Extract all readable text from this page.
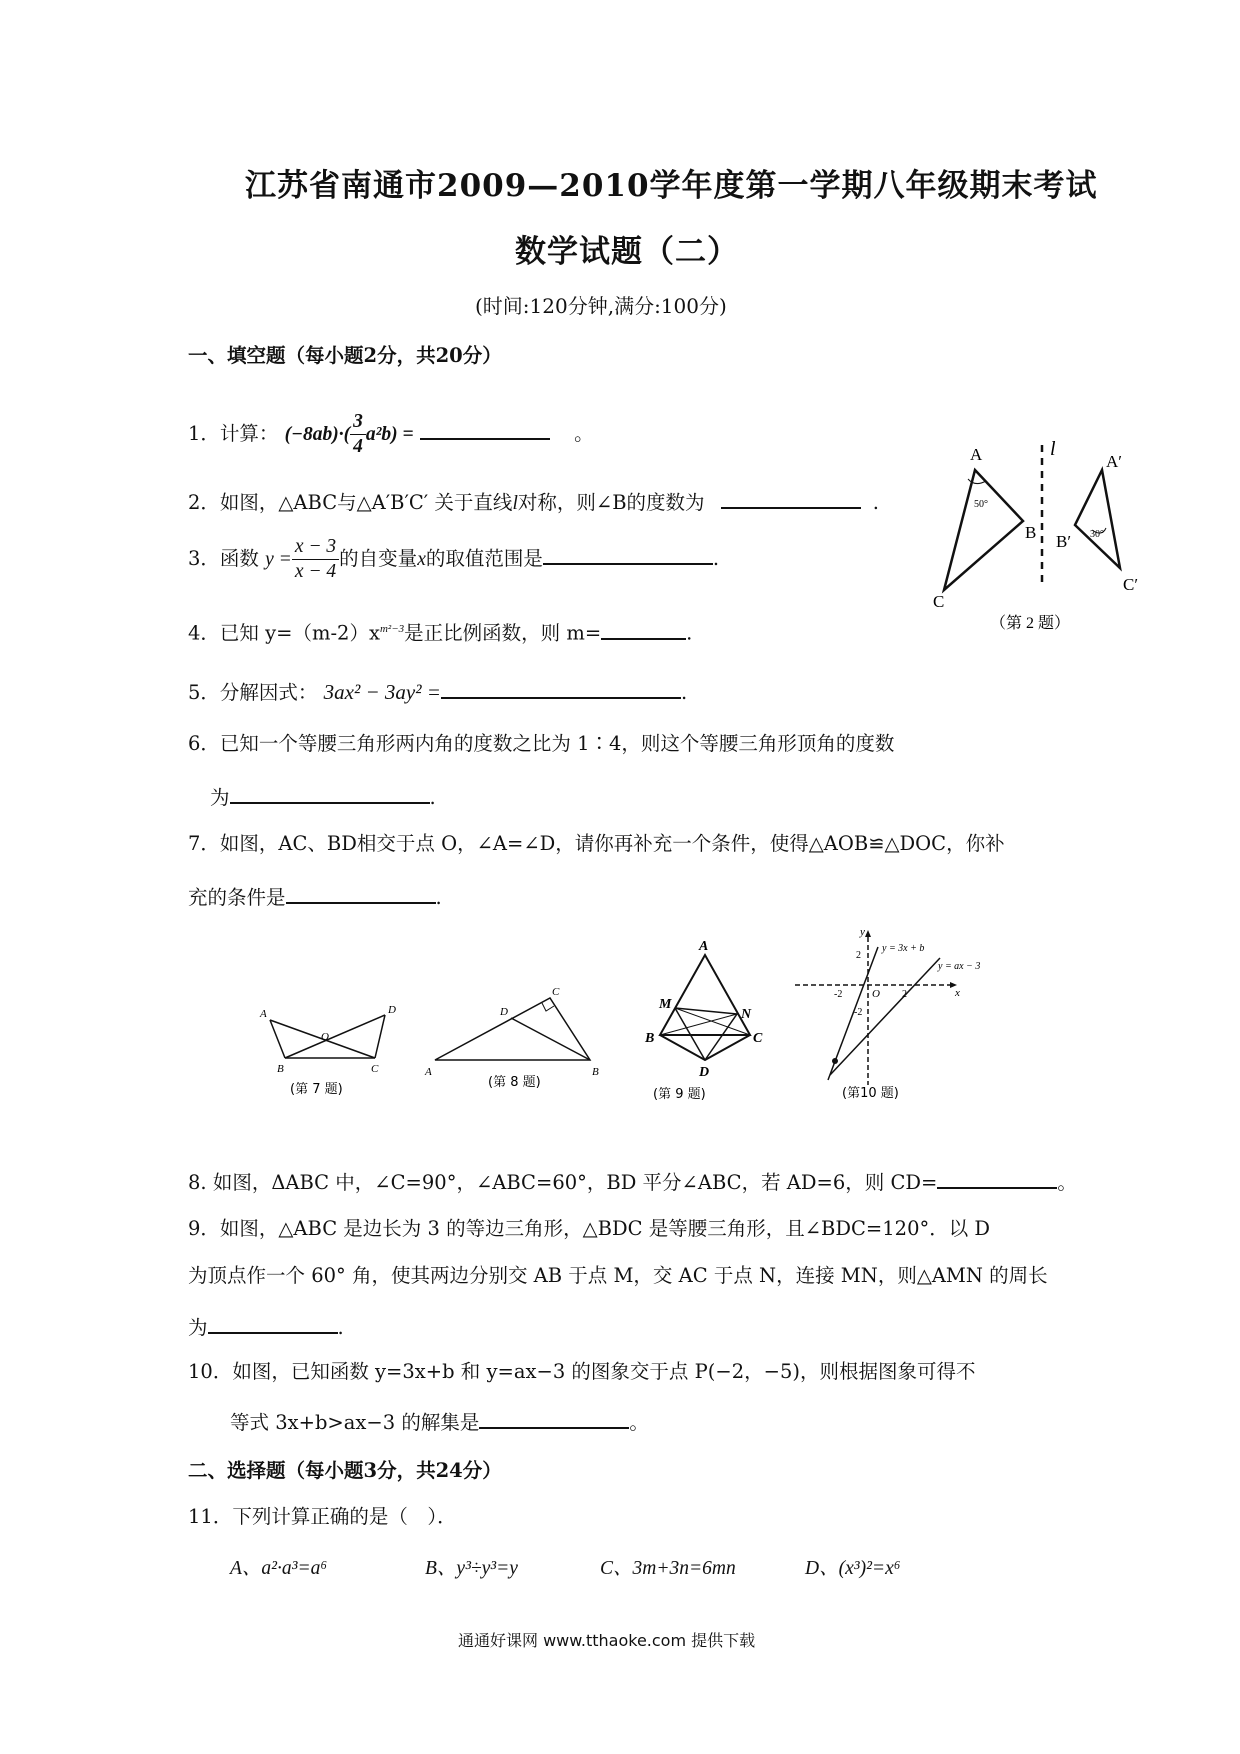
江苏省南通市2009—2010学年度第一学期八年级期末考试
数学试题（二）
(时间:120分钟,满分:100分)
一、填空题（每小题2分，共20分）
1．计算： $(-8ab)\cdot( \frac{3}{4} a^2b)$ =	。
2．如图，△ABC与△A′B′C′ 关于直线l对称，则∠B的度数为	.
3．函数 $y = \frac{x - 3}{x - 4}$ 的自变量x的取值范围是	.
4．已知 $y=(m-2)x^{m^2-3}$是正比例函数，则 m=	.
5．分解因式： 3ax² − 3ay² =	.
6．已知一个等腰三角形两内角的度数之比为 1∶4，则这个等腰三角形顶角的度数
为	.
7．如图，AC、BD相交于点 O，∠A=∠D，请你再补充一个条件，使得△AOB≌△DOC，你补
充的条件是	.
A
B
C
50°
l
A′
B′
C′
30°
（第 2 题）
A	D
O
B	C
(第 7 题)
A	B
C
D
(第 8 题)
A
B	C
D
M
N
(第 9 题)
y
x
O
2
-2
-2	2
y = 3x + b
y = ax − 3
(第10 题)
8. 如图，ΔABC 中，∠C=90°，∠ABC=60°，BD 平分∠ABC，若 AD=6，则 CD=	。
9．如图，△ABC 是边长为 3 的等边三角形，△BDC 是等腰三角形，且∠BDC=120°．以 D
为顶点作一个 60° 角，使其两边分别交 AB 于点 M，交 AC 于点 N，连接 MN，则△AMN 的周长
为	.
10．如图，已知函数 y=3x+b 和 y=ax−3 的图象交于点 P(−2，−5)，则根据图象可得不
等式 3x+b>ax−3 的解集是	。
二、选择题（每小题3分，共24分）
11．下列计算正确的是（　）．
A、a²·a³=a⁶	B、y³÷y³=y	C、3m+3n=6mn	D、(x³)²=x⁶
通通好课网 www.tthaoke.com 提供下载
